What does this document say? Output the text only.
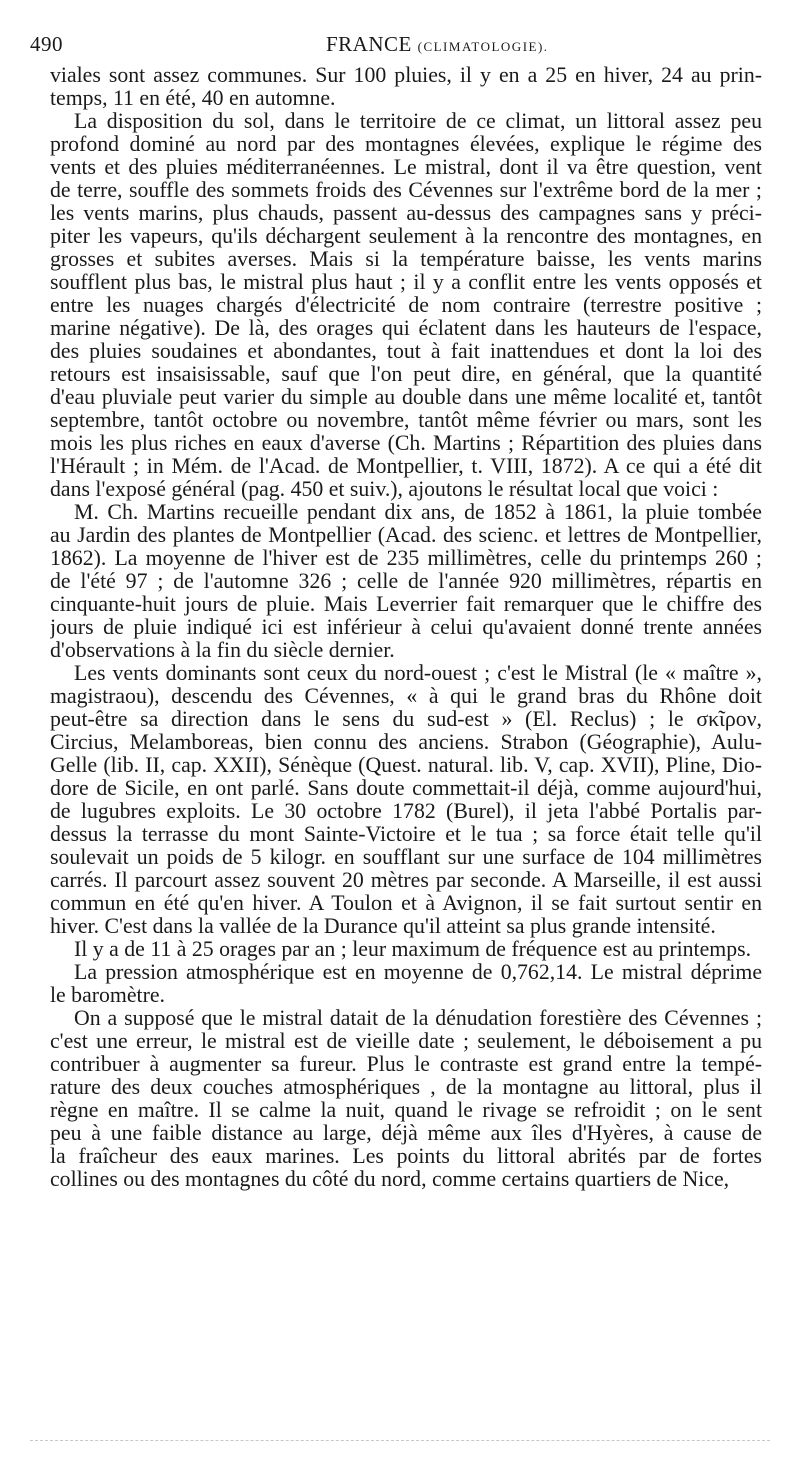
490	FRANCE (CLIMATOLOGIE).
viales sont assez communes. Sur 100 pluies, il y en a 25 en hiver, 24 au prin-
temps, 11 en été, 40 en automne.
La disposition du sol, dans le territoire de ce climat, un littoral assez peu
profond dominé au nord par des montagnes élevées, explique le régime des
vents et des pluies méditerranéennes. Le mistral, dont il va être question, vent
de terre, souffle des sommets froids des Cévennes sur l'extrême bord de la mer ;
les vents marins, plus chauds, passent au-dessus des campagnes sans y préci-
piter les vapeurs, qu'ils déchargent seulement à la rencontre des montagnes, en
grosses et subites averses. Mais si la température baisse, les vents marins
soufflent plus bas, le mistral plus haut ; il y a conflit entre les vents opposés et
entre les nuages chargés d'électricité de nom contraire (terrestre positive ;
marine négative). De là, des orages qui éclatent dans les hauteurs de l'espace,
des pluies soudaines et abondantes, tout à fait inattendues et dont la loi des
retours est insaisissable, sauf que l'on peut dire, en général, que la quantité
d'eau pluviale peut varier du simple au double dans une même localité et, tantôt
septembre, tantôt octobre ou novembre, tantôt même février ou mars, sont les
mois les plus riches en eaux d'averse (Ch. Martins ; Répartition des pluies dans
l'Hérault ; in Mém. de l'Acad. de Montpellier, t. VIII, 1872). A ce qui a été dit
dans l'exposé général (pag. 450 et suiv.), ajoutons le résultat local que voici :
M. Ch. Martins recueille pendant dix ans, de 1852 à 1861, la pluie tombée
au Jardin des plantes de Montpellier (Acad. des scienc. et lettres de Montpellier,
1862). La moyenne de l'hiver est de 235 millimètres, celle du printemps 260 ;
de l'été 97 ; de l'automne 326 ; celle de l'année 920 millimètres, répartis en
cinquante-huit jours de pluie. Mais Leverrier fait remarquer que le chiffre des
jours de pluie indiqué ici est inférieur à celui qu'avaient donné trente années
d'observations à la fin du siècle dernier.
Les vents dominants sont ceux du nord-ouest ; c'est le Mistral (le « maître »,
magistraou), descendu des Cévennes, « à qui le grand bras du Rhône doit
peut-être sa direction dans le sens du sud-est » (El. Reclus) ; le σκῖρον,
Circius, Melamboreas, bien connu des anciens. Strabon (Géographie), Aulu-
Gelle (lib. II, cap. XXII), Sénèque (Quest. natural. lib. V, cap. XVII), Pline, Dio-
dore de Sicile, en ont parlé. Sans doute commettait-il déjà, comme aujourd'hui,
de lugubres exploits. Le 30 octobre 1782 (Burel), il jeta l'abbé Portalis par-
dessus la terrasse du mont Sainte-Victoire et le tua ; sa force était telle qu'il
soulevait un poids de 5 kilogr. en soufflant sur une surface de 104 millimètres
carrés. Il parcourt assez souvent 20 mètres par seconde. A Marseille, il est aussi
commun en été qu'en hiver. A Toulon et à Avignon, il se fait surtout sentir en
hiver. C'est dans la vallée de la Durance qu'il atteint sa plus grande intensité.
Il y a de 11 à 25 orages par an ; leur maximum de fréquence est au printemps.
La pression atmosphérique est en moyenne de 0,762,14. Le mistral déprime
le baromètre.
On a supposé que le mistral datait de la dénudation forestière des Cévennes ;
c'est une erreur, le mistral est de vieille date ; seulement, le déboisement a pu
contribuer à augmenter sa fureur. Plus le contraste est grand entre la tempé-
rature des deux couches atmosphériques , de la montagne au littoral, plus il
règne en maître. Il se calme la nuit, quand le rivage se refroidit ; on le sent
peu à une faible distance au large, déjà même aux îles d'Hyères, à cause de
la fraîcheur des eaux marines. Les points du littoral abrités par de fortes
collines ou des montagnes du côté du nord, comme certains quartiers de Nice,
